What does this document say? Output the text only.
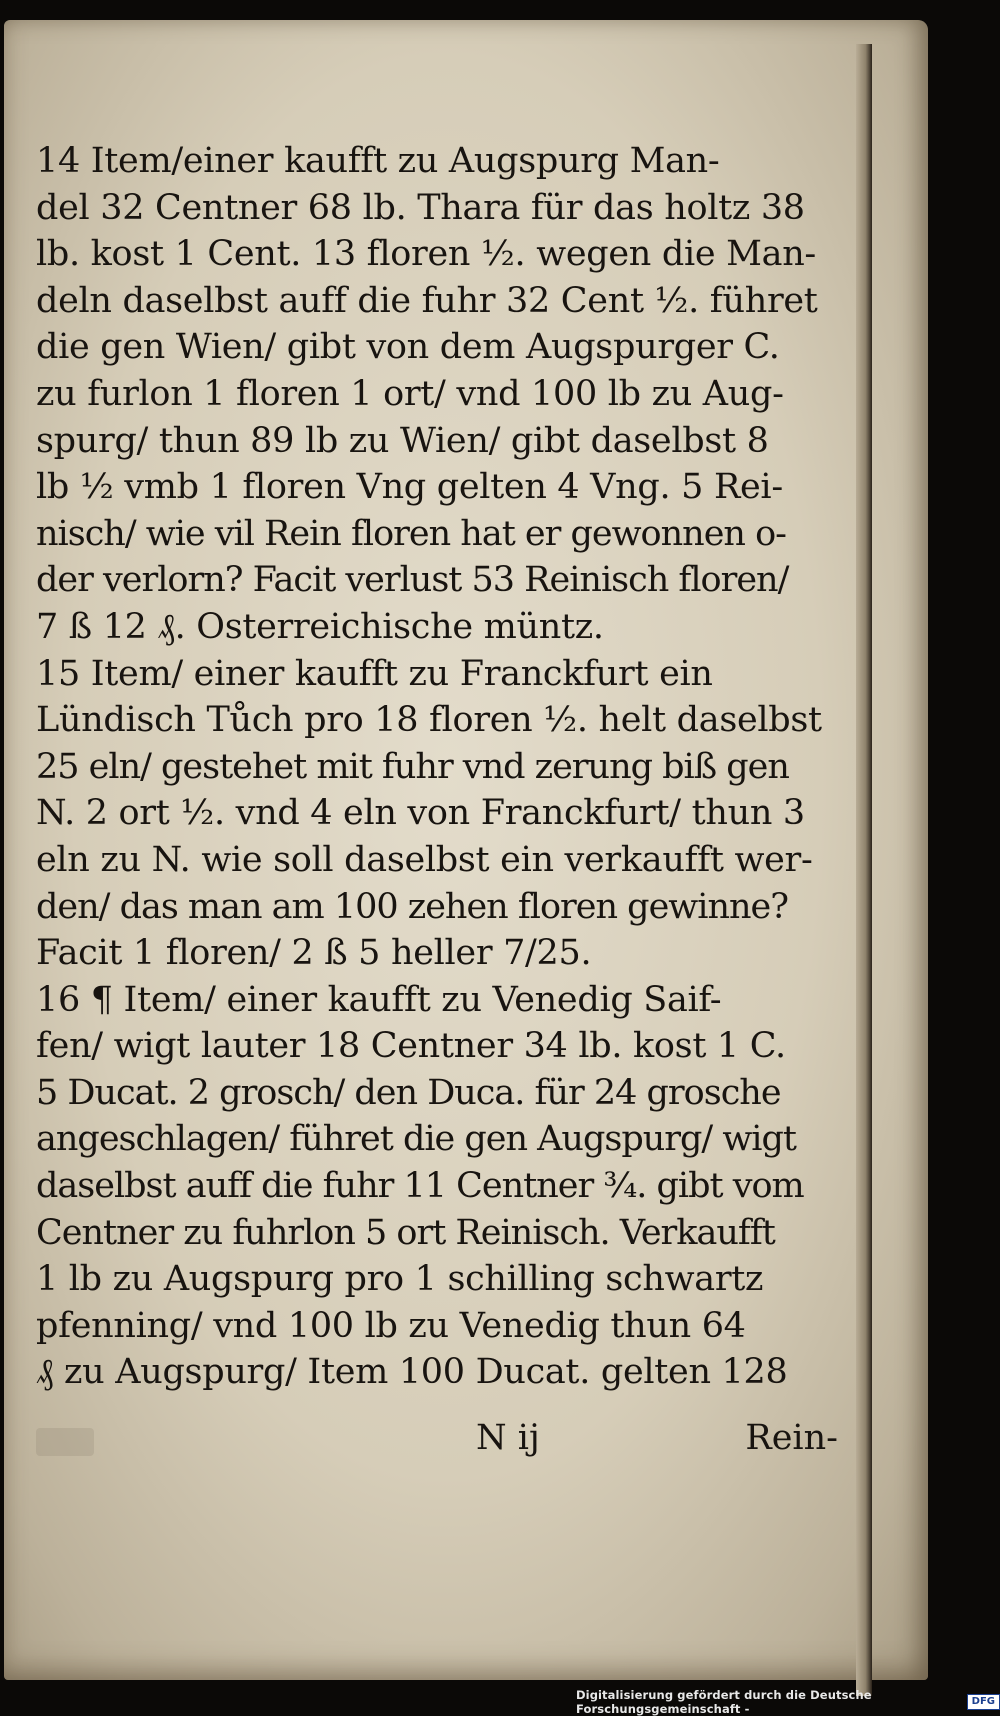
14 Item/einer kaufft zu Augspurg Man-
del 32 Centner 68 lb. Thara für das holtz 38
lb. kost 1 Cent. 13 floren ½. wegen die Man-
deln daselbst auff die fuhr 32 Cent ½. führet
die gen Wien/ gibt von dem Augspurger C.
zu furlon 1 floren 1 ort/ vnd 100 lb zu Aug-
spurg/ thun 89 lb zu Wien/ gibt daselbst 8
lb ½ vmb 1 floren Vng gelten 4 Vng. 5 Rei-
nisch/ wie vil Rein floren hat er gewonnen o-
der verlorn? Facit verlust 53 Reinisch floren/
7 ß 12 ₰. Osterreichische müntz.
15 Item/ einer kaufft zu Franckfurt ein
Lündisch Tůch pro 18 floren ½. helt daselbst
25 eln/ gestehet mit fuhr vnd zerung biß gen
N. 2 ort ½. vnd 4 eln von Franckfurt/ thun 3
eln zu N. wie soll daselbst ein verkaufft wer-
den/ das man am 100 zehen floren gewinne?
Facit 1 floren/ 2 ß 5 heller 7/25.
16 ¶ Item/ einer kaufft zu Venedig Saif-
fen/ wigt lauter 18 Centner 34 lb. kost 1 C.
5 Ducat. 2 grosch/ den Duca. für 24 grosche
angeschlagen/ führet die gen Augspurg/ wigt
daselbst auff die fuhr 11 Centner ¾. gibt vom
Centner zu fuhrlon 5 ort Reinisch. Verkaufft
1 lb zu Augspurg pro 1 schilling schwartz
pfenning/ vnd 100 lb zu Venedig thun 64
₰ zu Augspurg/ Item 100 Ducat. gelten 128
N ij	Rein-
Digitalisierung gefördert durch die Deutsche Forschungsgemeinschaft -
DFG
